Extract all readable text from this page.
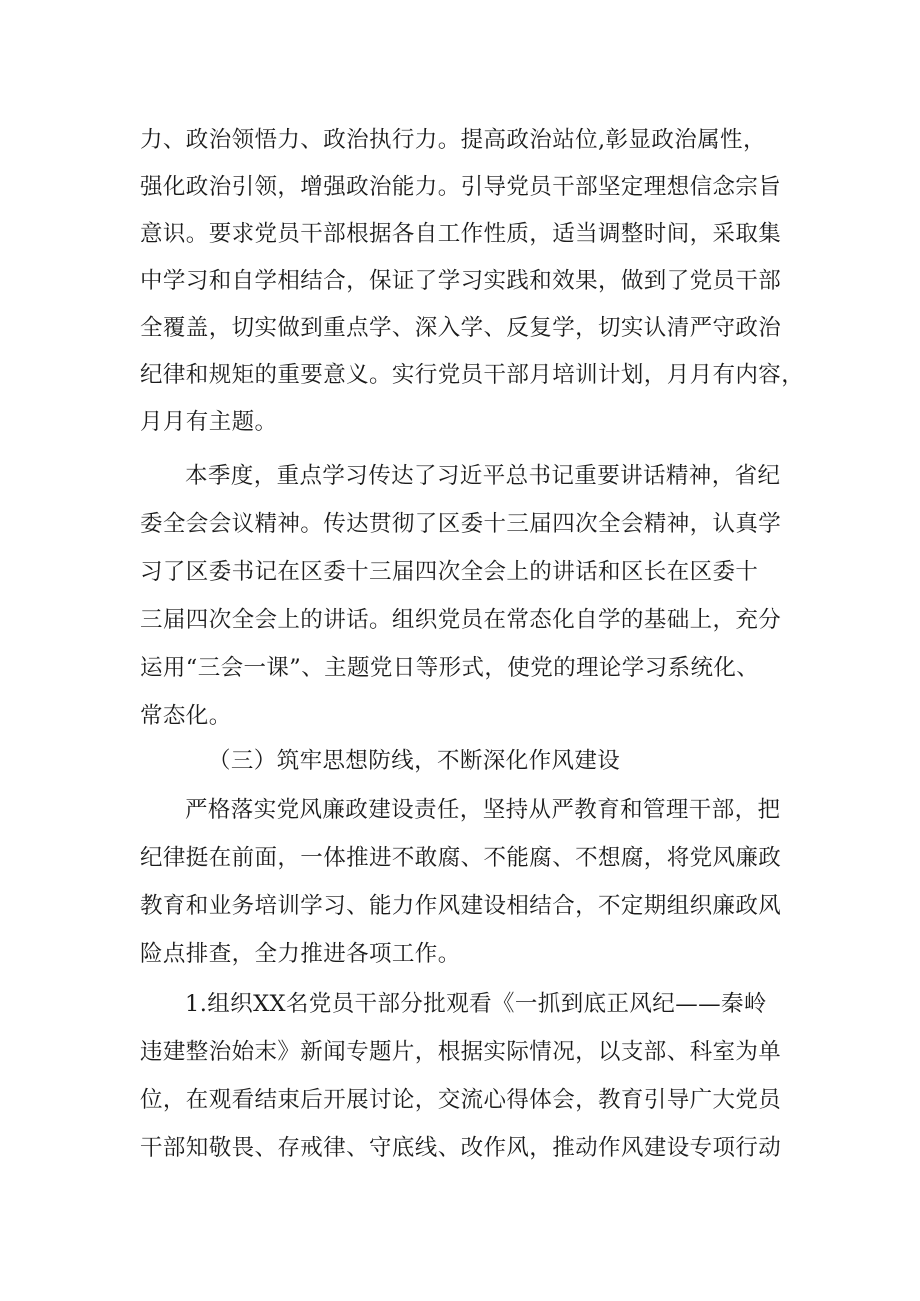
力、政治领悟力、政治执行力。提高政治站位,彰显政治属性，
强化政治引领，增强政治能力。引导党员干部坚定理想信念宗旨
意识。要求党员干部根据各自工作性质，适当调整时间，采取集
中学习和自学相结合，保证了学习实践和效果，做到了党员干部
全覆盖，切实做到重点学、深入学、反复学，切实认清严守政治
纪律和规矩的重要意义。实行党员干部月培训计划，月月有内容，
月月有主题。
本季度，重点学习传达了习近平总书记重要讲话精神，省纪
委全会会议精神。传达贯彻了区委十三届四次全会精神，认真学
习了区委书记在区委十三届四次全会上的讲话和区长在区委十
三届四次全会上的讲话。组织党员在常态化自学的基础上，充分
运用“三会一课”、主题党日等形式，使党的理论学习系统化、
常态化。
（三）筑牢思想防线，不断深化作风建设
严格落实党风廉政建设责任，坚持从严教育和管理干部，把
纪律挺在前面，一体推进不敢腐、不能腐、不想腐，将党风廉政
教育和业务培训学习、能力作风建设相结合，不定期组织廉政风
险点排查，全力推进各项工作。
1.组织XX名党员干部分批观看《一抓到底正风纪——秦岭
违建整治始末》新闻专题片，根据实际情况，以支部、科室为单
位，在观看结束后开展讨论，交流心得体会，教育引导广大党员
干部知敬畏、存戒律、守底线、改作风，推动作风建设专项行动
